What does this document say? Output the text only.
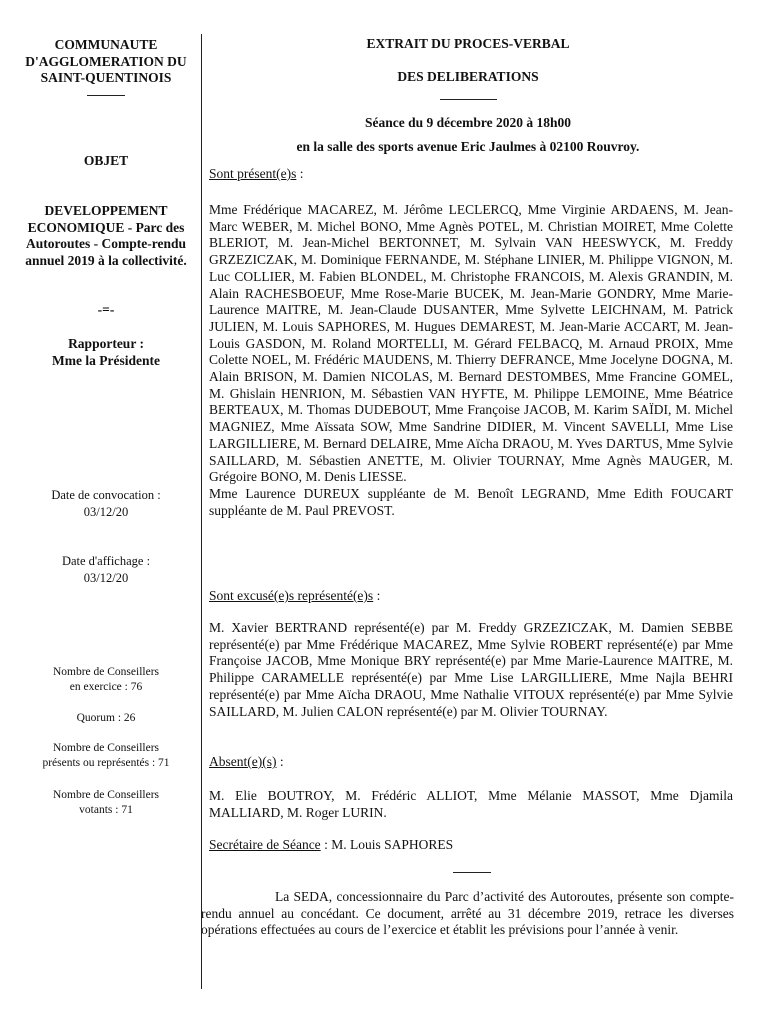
COMMUNAUTE D'AGGLOMERATION DU SAINT-QUENTINOIS
OBJET
DEVELOPPEMENT ECONOMIQUE - Parc des Autoroutes - Compte-rendu annuel 2019 à la collectivité.
-=-
Rapporteur :
Mme la Présidente
Date de convocation :
03/12/20
Date d'affichage :
03/12/20
Nombre de Conseillers
en exercice : 76
Quorum : 26
Nombre de Conseillers
présents ou représentés : 71
Nombre de Conseillers
votants : 71
EXTRAIT DU PROCES-VERBAL
DES DELIBERATIONS
Séance du 9 décembre 2020 à 18h00
en la salle des sports avenue Eric Jaulmes à 02100 Rouvroy.
Sont présent(e)s :
Mme Frédérique MACAREZ, M. Jérôme LECLERCQ, Mme Virginie ARDAENS, M. Jean-Marc WEBER, M. Michel BONO, Mme Agnès POTEL, M. Christian MOIRET, Mme Colette BLERIOT, M. Jean-Michel BERTONNET, M. Sylvain VAN HEESWYCK, M. Freddy GRZEZICZAK, M. Dominique FERNANDE, M. Stéphane LINIER, M. Philippe VIGNON, M. Luc COLLIER, M. Fabien BLONDEL, M. Christophe FRANCOIS, M. Alexis GRANDIN, M. Alain RACHESBOEUF, Mme Rose-Marie BUCEK, M. Jean-Marie GONDRY, Mme Marie-Laurence MAITRE, M. Jean-Claude DUSANTER, Mme Sylvette LEICHNAM, M. Patrick JULIEN, M. Louis SAPHORES, M. Hugues DEMAREST, M. Jean-Marie ACCART, M. Jean-Louis GASDON, M. Roland MORTELLI, M. Gérard FELBACQ, M. Arnaud PROIX, Mme Colette NOEL, M. Frédéric MAUDENS, M. Thierry DEFRANCE, Mme Jocelyne DOGNA, M. Alain BRISON, M. Damien NICOLAS, M. Bernard DESTOMBES, Mme Francine GOMEL, M. Ghislain HENRION, M. Sébastien VAN HYFTE, M. Philippe LEMOINE, Mme Béatrice BERTEAUX, M. Thomas DUDEBOUT, Mme Françoise JACOB, M. Karim SAÏDI, M. Michel MAGNIEZ, Mme Aïssata SOW, Mme Sandrine DIDIER, M. Vincent SAVELLI, Mme Lise LARGILLIERE, M. Bernard DELAIRE, Mme Aïcha DRAOU, M. Yves DARTUS, Mme Sylvie SAILLARD, M. Sébastien ANETTE, M. Olivier TOURNAY, Mme Agnès MAUGER, M. Grégoire BONO, M. Denis LIESSE.
Mme Laurence DUREUX suppléante de M. Benoît LEGRAND, Mme Edith FOUCART suppléante de M. Paul PREVOST.
Sont excusé(e)s représenté(e)s :
M. Xavier BERTRAND représenté(e) par M. Freddy GRZEZICZAK, M. Damien SEBBE représenté(e) par Mme Frédérique MACAREZ, Mme Sylvie ROBERT représenté(e) par Mme Françoise JACOB, Mme Monique BRY représenté(e) par Mme Marie-Laurence MAITRE, M. Philippe CARAMELLE représenté(e) par Mme Lise LARGILLIERE, Mme Najla BEHRI représenté(e) par Mme Aïcha DRAOU, Mme Nathalie VITOUX représenté(e) par Mme Sylvie SAILLARD, M. Julien CALON représenté(e) par M. Olivier TOURNAY.
Absent(e)(s) :
M. Elie BOUTROY, M. Frédéric ALLIOT, Mme Mélanie MASSOT, Mme Djamila MALLIARD, M. Roger LURIN.
Secrétaire de Séance : M. Louis SAPHORES
La SEDA, concessionnaire du Parc d’activité des Autoroutes, présente son compte-rendu annuel au concédant. Ce document, arrêté au 31 décembre 2019, retrace les diverses opérations effectuées au cours de l’exercice et établit les prévisions pour l’année à venir.
